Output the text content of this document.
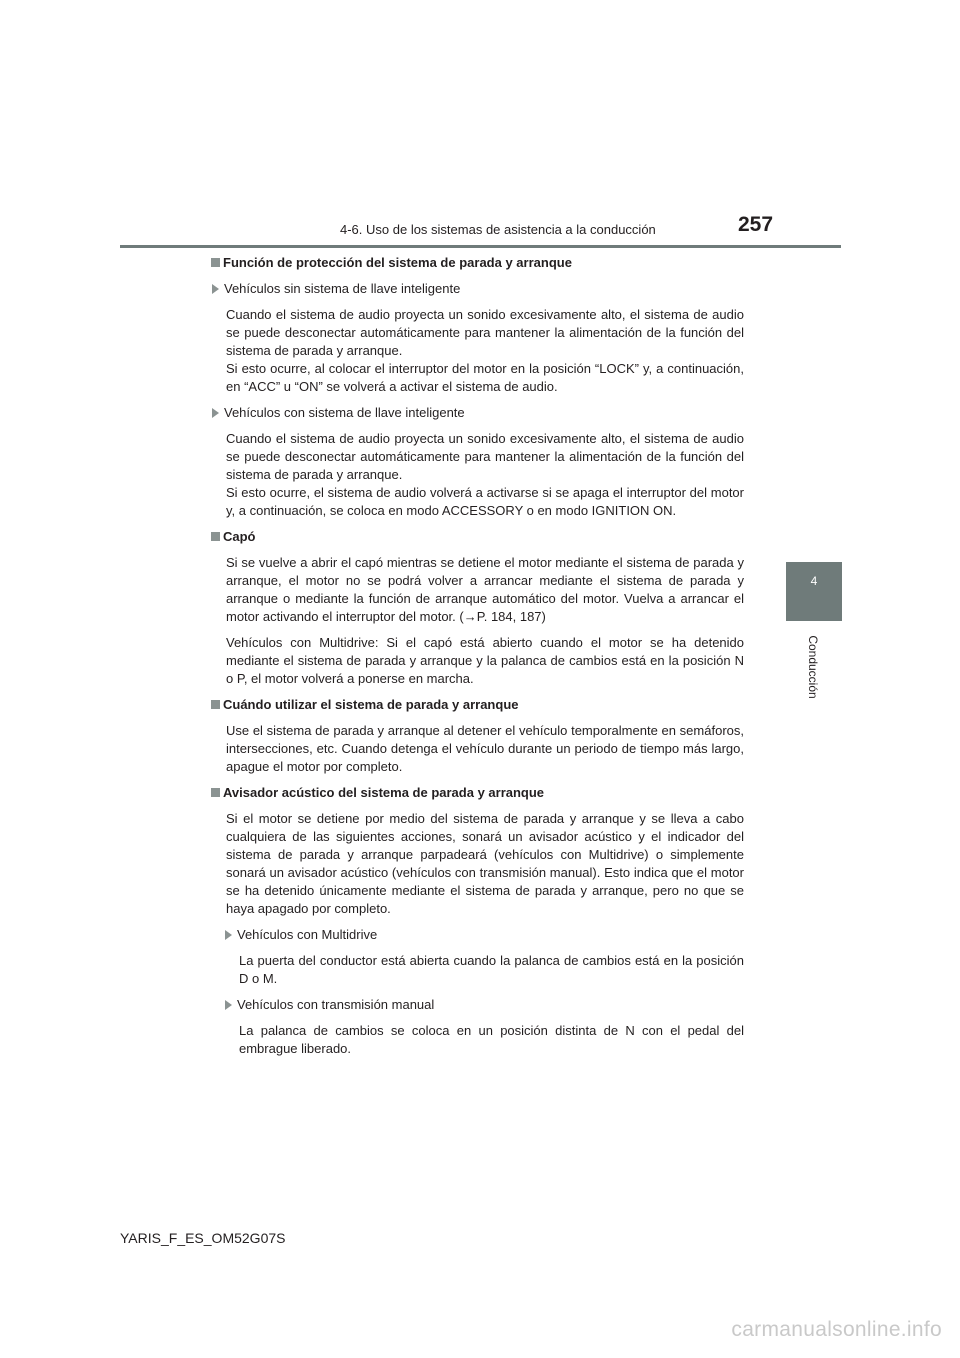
4-6. Uso de los sistemas de asistencia a la conducción	257
4
Conducción
Función de protección del sistema de parada y arranque
Vehículos sin sistema de llave inteligente
Cuando el sistema de audio proyecta un sonido excesivamente alto, el sistema de audio se puede desconectar automáticamente para mantener la alimentación de la función del sistema de parada y arranque.
Si esto ocurre, al colocar el interruptor del motor en la posición “LOCK” y, a continuación, en “ACC” u “ON” se volverá a activar el sistema de audio.
Vehículos con sistema de llave inteligente
Cuando el sistema de audio proyecta un sonido excesivamente alto, el sistema de audio se puede desconectar automáticamente para mantener la alimentación de la función del sistema de parada y arranque.
Si esto ocurre, el sistema de audio volverá a activarse si se apaga el interruptor del motor y, a continuación, se coloca en modo ACCESSORY o en modo IGNITION ON.
Capó
Si se vuelve a abrir el capó mientras se detiene el motor mediante el sistema de parada y arranque, el motor no se podrá volver a arrancar mediante el sistema de parada y arranque o mediante la función de arranque automático del motor. Vuelva a arrancar el motor activando el interruptor del motor. (→P. 184, 187)
Vehículos con Multidrive: Si el capó está abierto cuando el motor se ha detenido mediante el sistema de parada y arranque y la palanca de cambios está en la posición N o P, el motor volverá a ponerse en marcha.
Cuándo utilizar el sistema de parada y arranque
Use el sistema de parada y arranque al detener el vehículo temporalmente en semáforos, intersecciones, etc. Cuando detenga el vehículo durante un periodo de tiempo más largo, apague el motor por completo.
Avisador acústico del sistema de parada y arranque
Si el motor se detiene por medio del sistema de parada y arranque y se lleva a cabo cualquiera de las siguientes acciones, sonará un avisador acústico y el indicador del sistema de parada y arranque parpadeará (vehículos con Multidrive) o simplemente sonará un avisador acústico (vehículos con transmisión manual). Esto indica que el motor se ha detenido únicamente mediante el sistema de parada y arranque, pero no que se haya apagado por completo.
Vehículos con Multidrive
La puerta del conductor está abierta cuando la palanca de cambios está en la posición D o M.
Vehículos con transmisión manual
La palanca de cambios se coloca en un posición distinta de N con el pedal del embrague liberado.
YARIS_F_ES_OM52G07S
carmanualsonline.info
